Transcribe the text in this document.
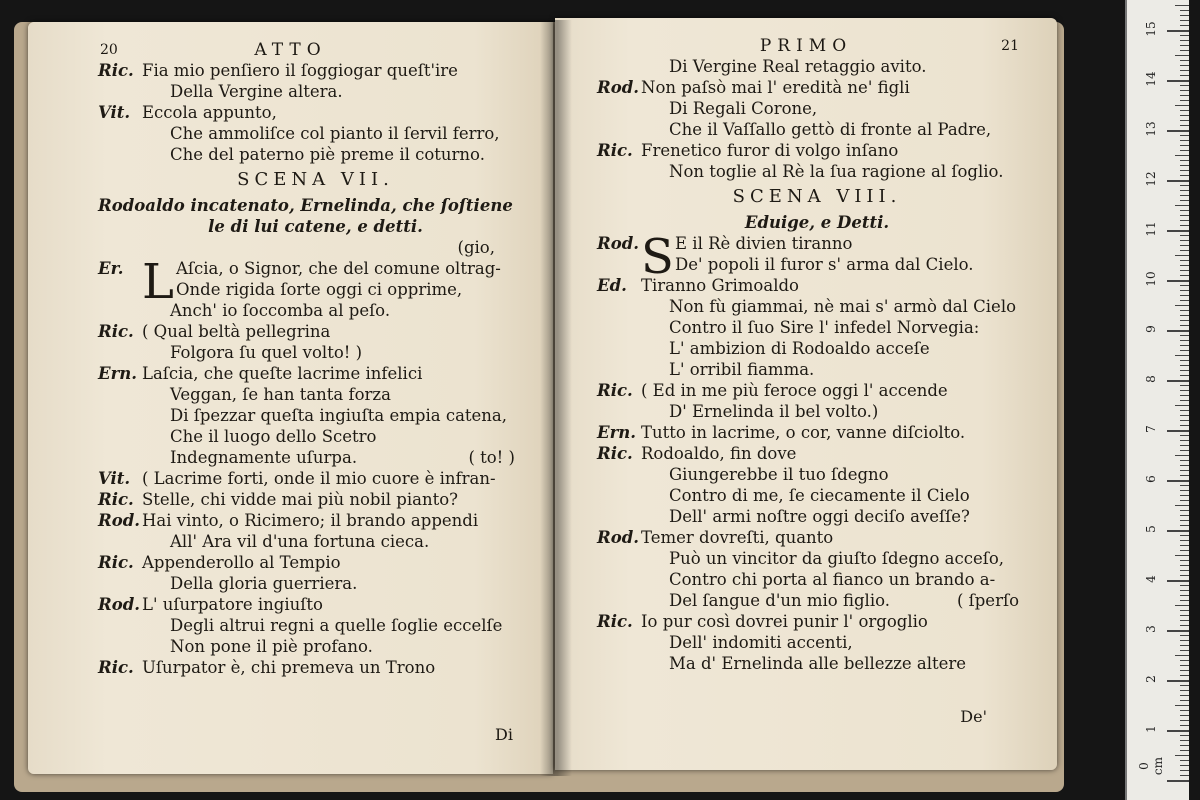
20	ATTO
Ric. Fia mio penſiero il ſoggiogar queſt'ire
Della Vergine altera.
Vit. Eccola appunto,
Che ammoliſce col pianto il ſervil ferro,
Che del paterno piè preme il coturno.
SCENA VII.
Rodoaldo incatenato, Ernelinda, che ſoſtiene
le di lui catene, e detti.
(gio,
Er. L Aſcia, o Signor, che del comune oltrag-
Onde rigida ſorte oggi ci opprime,
Anch' io ſoccomba al peſo.
Ric. ( Qual beltà pellegrina
Folgora ſu quel volto! )
Ern. Laſcia, che queſte lacrime infelici
Veggan, ſe han tanta forza
Di ſpezzar queſta ingiuſta empia catena,
Che il luogo dello Scetro
Indegnamente uſurpa.	( to! )
Vit. ( Lacrime forti, onde il mio cuore è infran-
Ric. Stelle, chi vidde mai più nobil pianto?
Rod. Hai vinto, o Ricimero; il brando appendi
All' Ara vil d'una fortuna cieca.
Ric. Appenderollo al Tempio
Della gloria guerriera.
Rod. L' uſurpatore ingiuſto
Degli altrui regni a quelle ſoglie eccelſe
Non pone il piè profano.
Ric. Uſurpator è, chi premeva un Trono
Di
PRIMO	21
Di Vergine Real retaggio avito.
Rod. Non paſsò mai l' eredità ne' figli
Di Regali Corone,
Che il Vaſſallo gettò di fronte al Padre,
Ric. Frenetico furor di volgo inſano
Non toglie al Rè la ſua ragione al ſoglio.
SCENA VIII.
Eduige, e Detti.
Rod. S E il Rè divien tiranno
De' popoli il furor s' arma dal Cielo.
Ed. Tiranno Grimoaldo
Non fù giammai, nè mai s' armò dal Cielo
Contro il ſuo Sire l' infedel Norvegia:
L' ambizion di Rodoaldo acceſe
L' orribil fiamma.
Ric. ( Ed in me più feroce oggi l' accende
D' Ernelinda il bel volto.)
Ern. Tutto in lacrime, o cor, vanne diſciolto.
Ric. Rodoaldo, fin dove
Giungerebbe il tuo ſdegno
Contro di me, ſe ciecamente il Cielo
Dell' armi noſtre oggi deciſo aveſſe?
Rod. Temer dovreſti, quanto
Può un vincitor da giuſto ſdegno acceſo,
Contro chi porta al fianco un brando a-
Del ſangue d'un mio figlio.	( ſperſo
Ric. Io pur così dovrei punir l' orgoglio
Dell' indomiti accenti,
Ma d' Ernelinda alle bellezze altere
De'
0 cm
1
2
3
4
5
6
7
8
9
10
11
12
13
14
15
